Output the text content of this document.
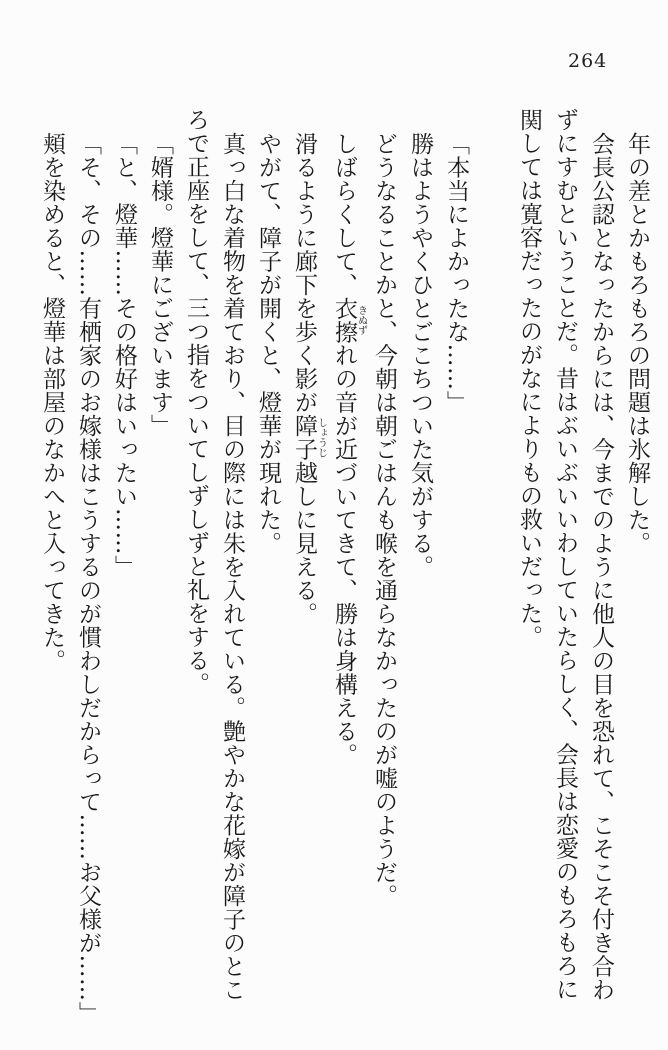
264

年の差とかもろもろの問題は氷解した。

会長公認となったからには、今までのように他人の目を恐れて、こそこそ付き合わ

ずにすむということだ。昔はぶいぶいいわしていたらしく、会長は恋愛のもろもろに

関しては寛容だったのがなによりもの救いだった。

「本当によかったな……」

勝はようやくひとごこちついた気がする。

どうなることかと、今朝は朝ごはんも喉を通らなかったのが嘘のようだ。

しばらくして、衣擦きぬずれの音が近づいてきて、勝は身構える。

滑るように廊下を歩く影が障子しょうじ越しに見える。

やがて、障子が開くと、燈華が現れた。

真っ白な着物を着ており、目の際には朱を入れている。艶やかな花嫁が障子のとこ

ろで正座をして、三つ指をついてしずしずと礼をする。

「婿様。燈華にございます」

「と、燈華……その格好はいったい……」

「そ、その……有栖家のお嫁様はこうするのが慣わしだからって……お父様が……」

頬を染めると、燈華は部屋のなかへと入ってきた。
